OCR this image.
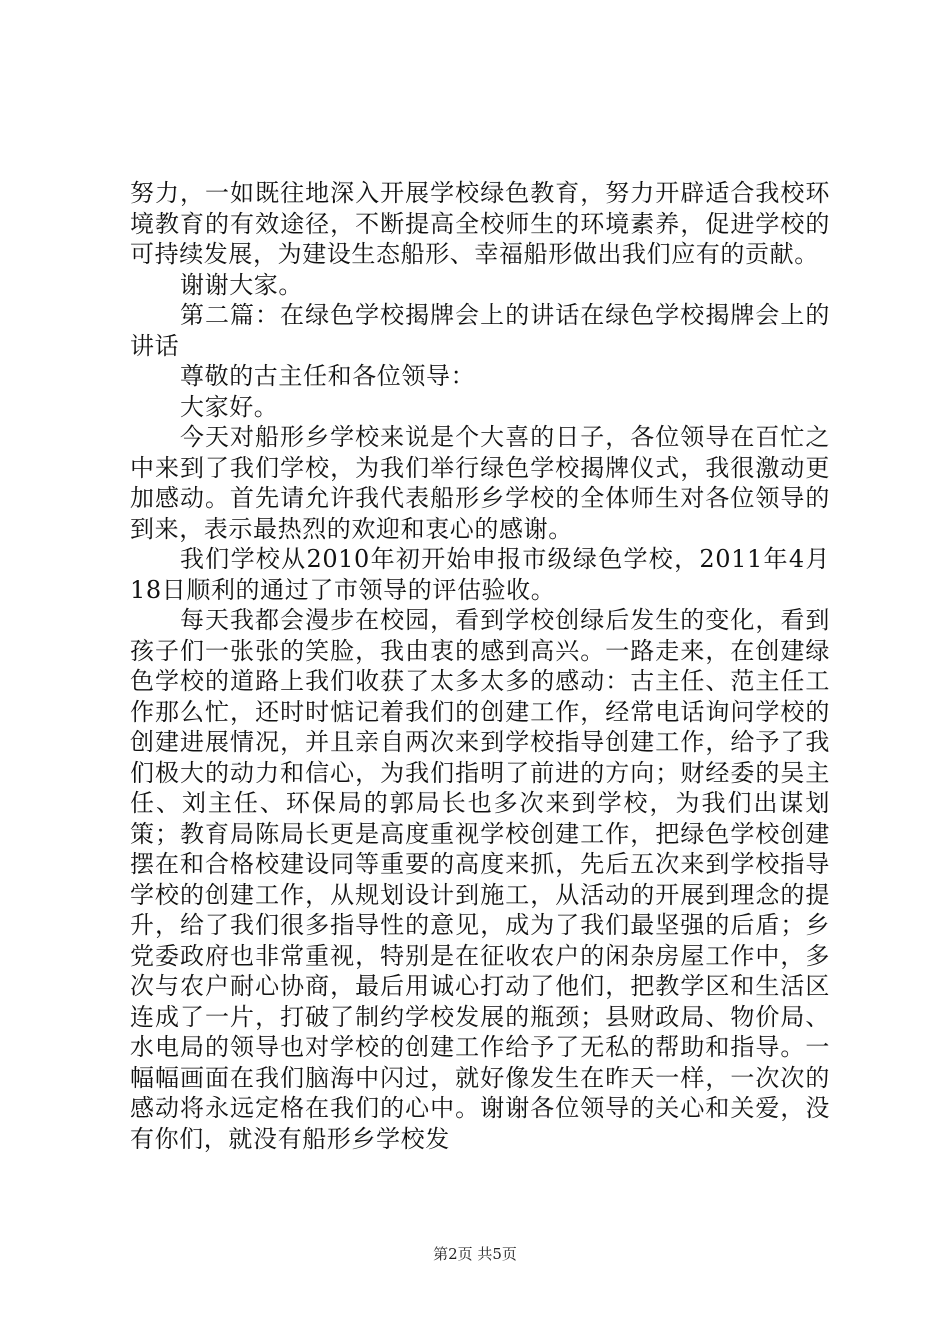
努力，一如既往地深入开展学校绿色教育，努力开辟适合我校环境教育的有效途径，不断提高全校师生的环境素养，促进学校的可持续发展，为建设生态船形、幸福船形做出我们应有的贡献。

谢谢大家。

第二篇：在绿色学校揭牌会上的讲话在绿色学校揭牌会上的讲话

尊敬的古主任和各位领导：

大家好。

今天对船形乡学校来说是个大喜的日子，各位领导在百忙之中来到了我们学校，为我们举行绿色学校揭牌仪式，我很激动更加感动。首先请允许我代表船形乡学校的全体师生对各位领导的到来，表示最热烈的欢迎和衷心的感谢。

我们学校从2010年初开始申报市级绿色学校，2011年4月18日顺利的通过了市领导的评估验收。

每天我都会漫步在校园，看到学校创绿后发生的变化，看到孩子们一张张的笑脸，我由衷的感到高兴。一路走来，在创建绿色学校的道路上我们收获了太多太多的感动：古主任、范主任工作那么忙，还时时惦记着我们的创建工作，经常电话询问学校的创建进展情况，并且亲自两次来到学校指导创建工作，给予了我们极大的动力和信心，为我们指明了前进的方向；财经委的吴主任、刘主任、环保局的郭局长也多次来到学校，为我们出谋划策；教育局陈局长更是高度重视学校创建工作，把绿色学校创建摆在和合格校建设同等重要的高度来抓，先后五次来到学校指导学校的创建工作，从规划设计到施工，从活动的开展到理念的提升，给了我们很多指导性的意见，成为了我们最坚强的后盾；乡党委政府也非常重视，特别是在征收农户的闲杂房屋工作中，多次与农户耐心协商，最后用诚心打动了他们，把教学区和生活区连成了一片，打破了制约学校发展的瓶颈；县财政局、物价局、水电局的领导也对学校的创建工作给予了无私的帮助和指导。一幅幅画面在我们脑海中闪过，就好像发生在昨天一样，一次次的感动将永远定格在我们的心中。谢谢各位领导的关心和关爱，没有你们，就没有船形乡学校发

第2页 共5页
